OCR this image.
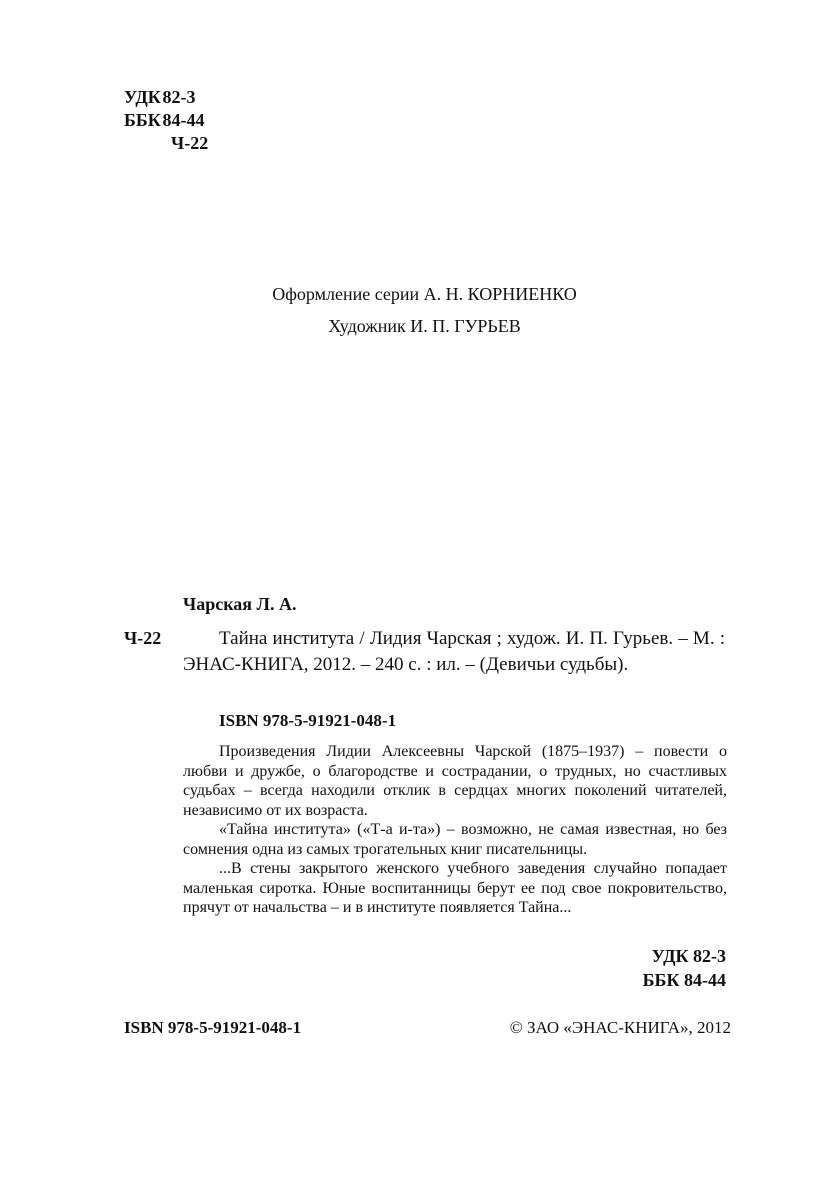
УДК 82-3
ББК 84-44
Ч-22
Оформление серии А. Н. КОРНИЕНКО
Художник И. П. ГУРЬЕВ
Чарская Л. А.
Ч-22	Тайна института / Лидия Чарская ; худож. И. П. Гурьев. – М. : ЭНАС-КНИГА, 2012. – 240 с. : ил. – (Девичьи судьбы).
ISBN 978-5-91921-048-1

Произведения Лидии Алексеевны Чарской (1875–1937) – повести о любви и дружбе, о благородстве и сострадании, о трудных, но счастливых судьбах – всегда находили отклик в сердцах многих поколений читателей, независимо от их возраста.

«Тайна института» («Т-а и-та») – возможно, не самая известная, но без сомнения одна из самых трогательных книг писательницы.

...В стены закрытого женского учебного заведения случайно попадает маленькая сиротка. Юные воспитанницы берут ее под свое покровительство, прячут от начальства – и в институте появляется Тайна...

УДК 82-3
ББК 84-44
ISBN 978-5-91921-048-1	© ЗАО «ЭНАС-КНИГА», 2012
